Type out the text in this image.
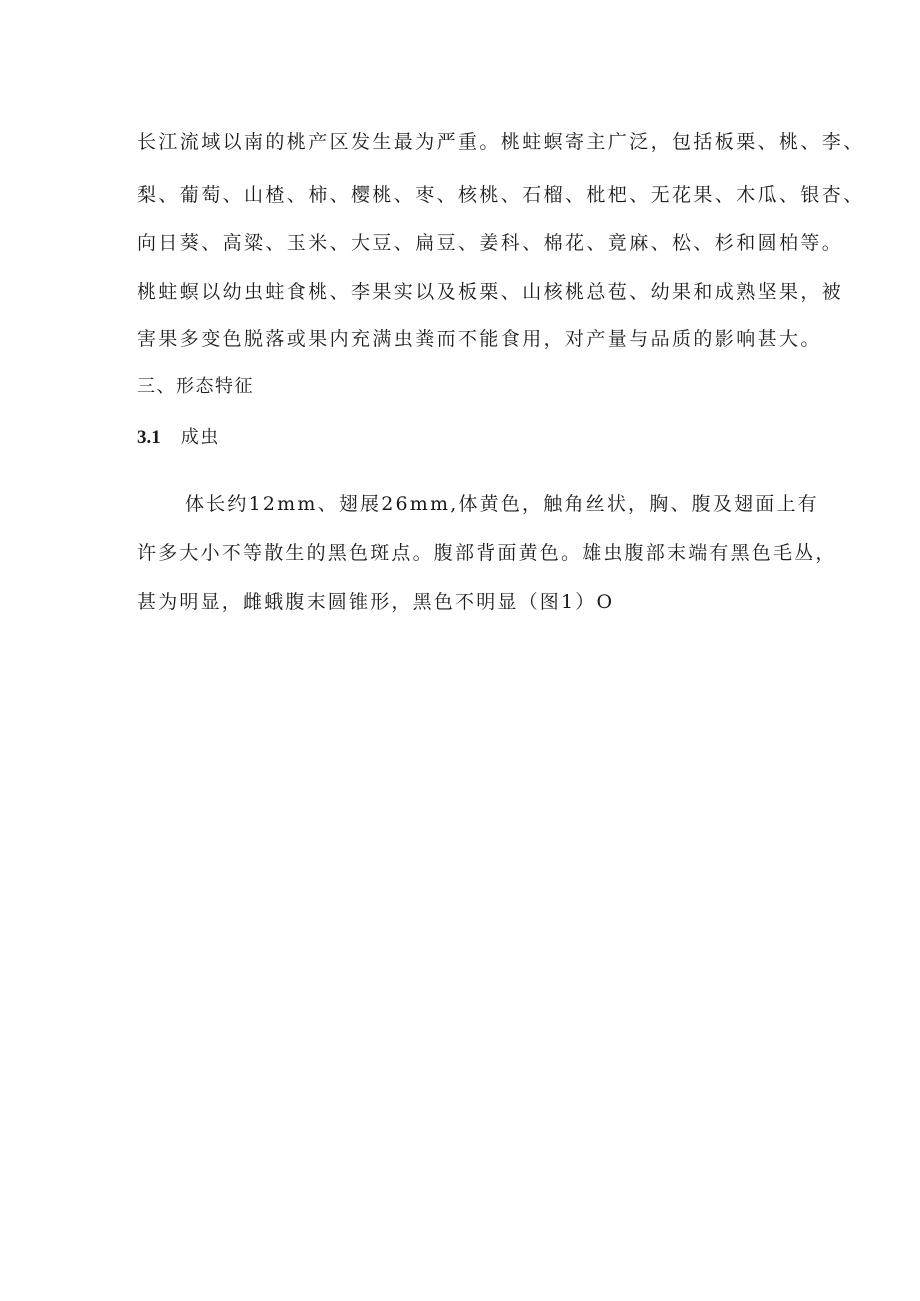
长江流域以南的桃产区发生最为严重。桃蛀螟寄主广泛，包括板栗、桃、李、
梨、葡萄、山楂、柿、樱桃、枣、核桃、石榴、枇杷、无花果、木瓜、银杏、
向日葵、高粱、玉米、大豆、扁豆、姜科、棉花、竟麻、松、杉和圆柏等。
桃蛀螟以幼虫蛀食桃、李果实以及板栗、山核桃总苞、幼果和成熟坚果，被
害果多变色脱落或果内充满虫粪而不能食用，对产量与品质的影响甚大。
三、形态特征
3.1 成虫
体长约12mm、翅展26mm,体黄色，触角丝状，胸、腹及翅面上有
许多大小不等散生的黑色斑点。腹部背面黄色。雄虫腹部末端有黑色毛丛，
甚为明显，雌蛾腹末圆锥形，黑色不明显（图1）O
